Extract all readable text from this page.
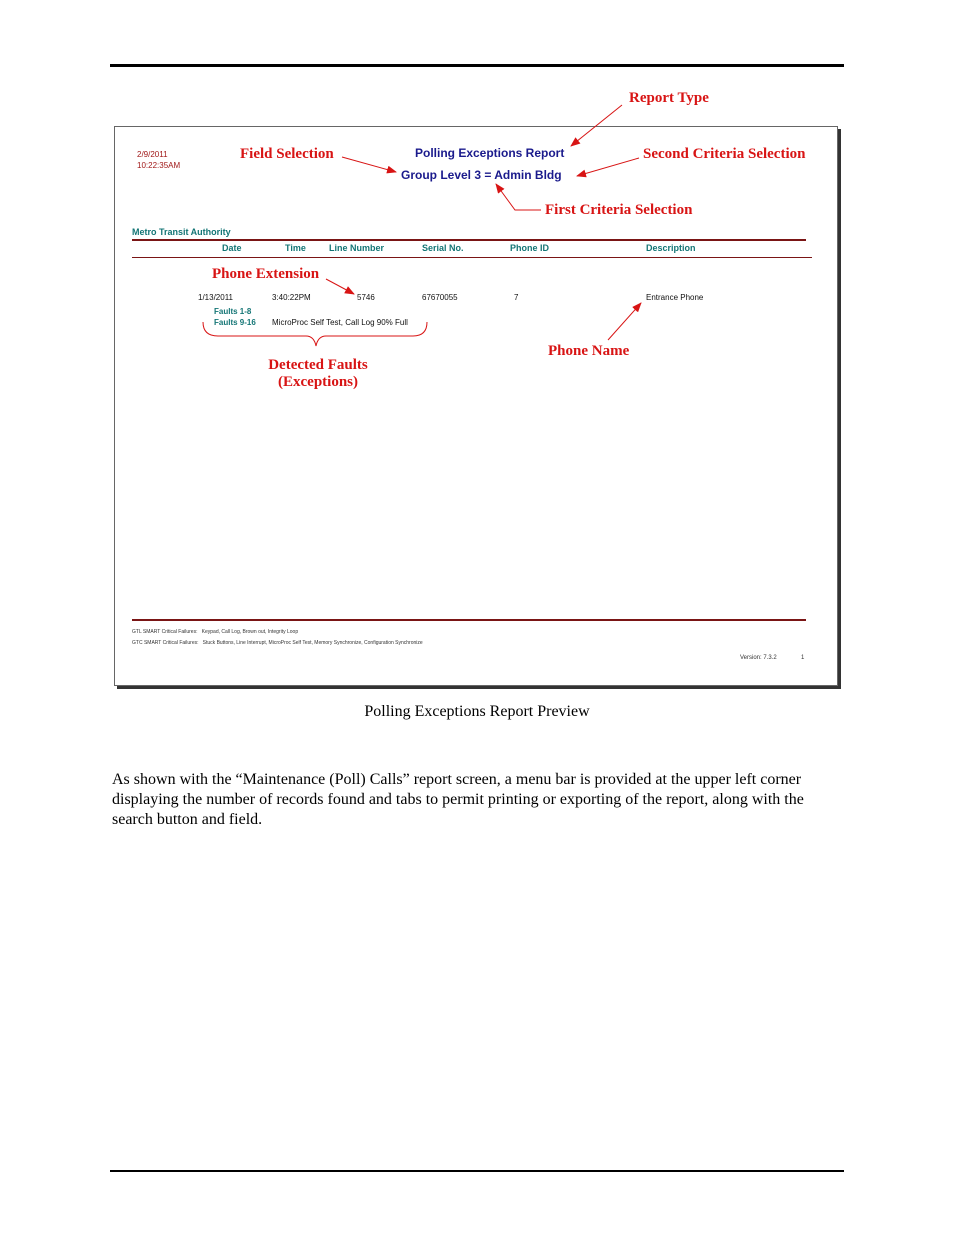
2/9/2011
10:22:35AM
Polling Exceptions Report
Group Level 3 = Admin Bldg
Metro Transit Authority
Date	Time	Line Number	Serial No.	Phone ID	Description
1/13/2011	3:40:22PM	5746	67670055	7	Entrance Phone
Faults 1-8
Faults 9-16 MicroProc Self Test, Call Log 90% Full
GTL SMART Critical Failures: Keypad, Call Log, Brown out, Integrity Loop
GTC SMART Critical Failures: Stuck Buttons, Line Interrupt, MicroProc Self Test, Memory Synchronize, Configuration Synchronize
Version: 7.3.2	1
Report Type
Field Selection	Second Criteria Selection
First Criteria Selection
Phone Extension
Detected Faults
(Exceptions)
Phone Name
Polling Exceptions Report Preview
As shown with the “Maintenance (Poll) Calls” report screen, a menu bar is provided at the upper left corner displaying the number of records found and tabs to permit printing or exporting of the report, along with the search button and field.
